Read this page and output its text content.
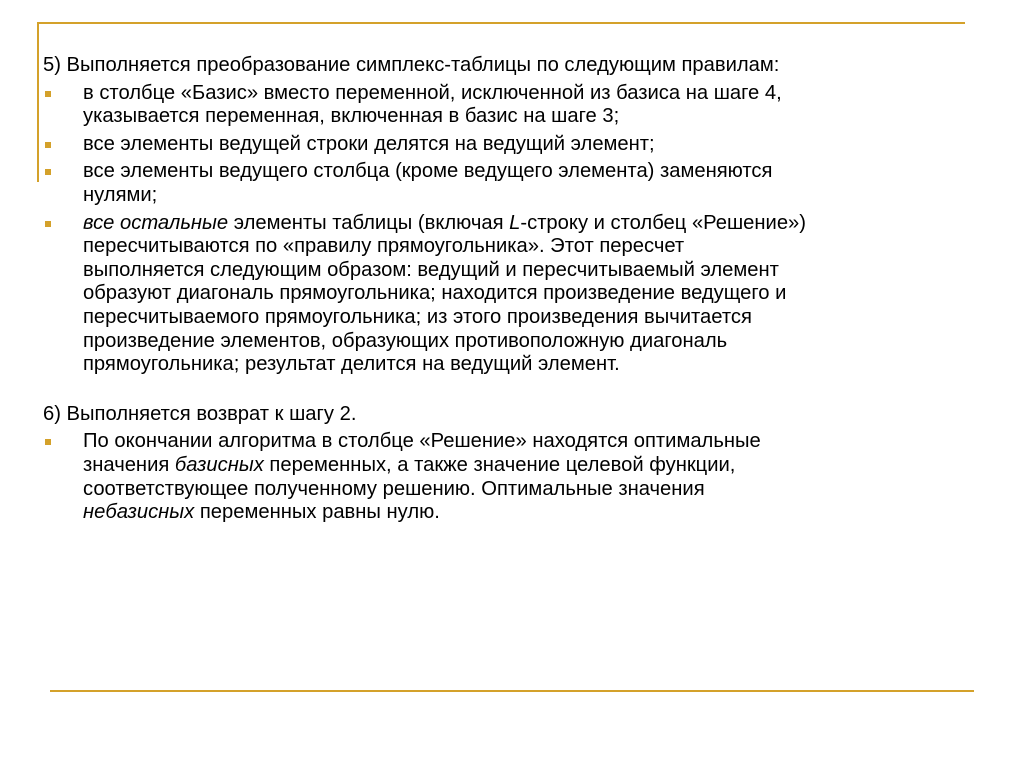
5) Выполняется преобразование симплекс-таблицы по следующим правилам:
в столбце «Базис» вместо переменной, исключенной из базиса на шаге 4,
указывается переменная, включенная в базис на шаге 3;
все элементы ведущей строки делятся на ведущий элемент;
все элементы ведущего столбца (кроме ведущего элемента) заменяются
нулями;
все остальные элементы таблицы (включая L-строку и столбец «Решение»)
пересчитываются по «правилу прямоугольника». Этот пересчет
выполняется следующим образом: ведущий и пересчитываемый элемент
образуют диагональ прямоугольника; находится произведение ведущего и
пересчитываемого прямоугольника; из этого произведения вычитается
произведение элементов, образующих противоположную диагональ
прямоугольника; результат делится на ведущий элемент.
6) Выполняется возврат к шагу 2.
По окончании алгоритма в столбце «Решение» находятся оптимальные
значения базисных переменных, а также значение целевой функции,
соответствующее полученному решению. Оптимальные значения
небазисных переменных равны нулю.
